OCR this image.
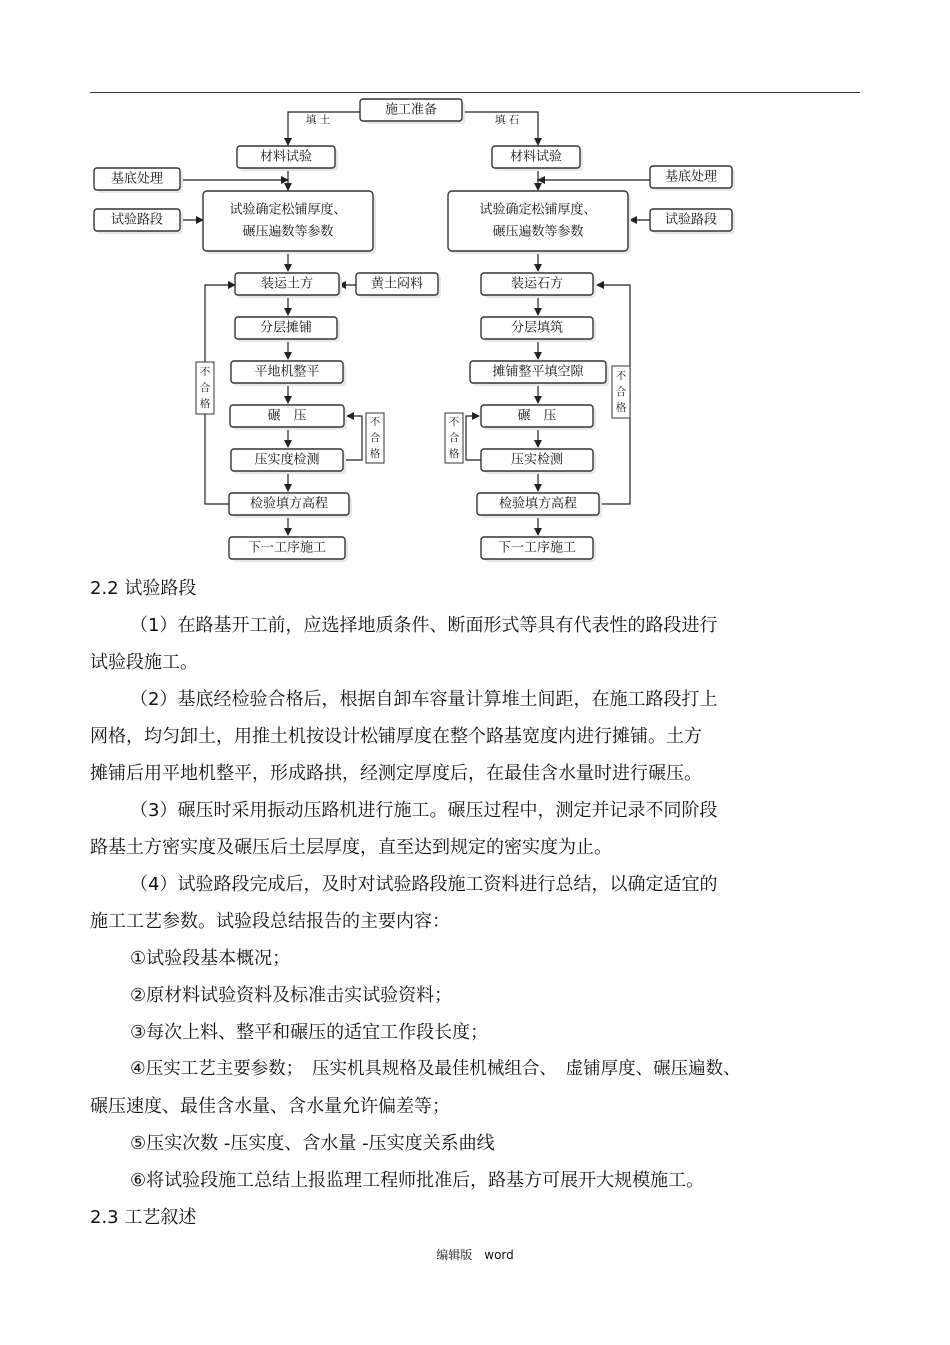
施工准备
填 土	填 石
材料试验
基底处理
试验路段
试验确定松铺厚度、
碾压遍数等参数
装运土方	黄土闷料
分层摊铺
平地机整平
碾　压
压实度检测
检验填方高程
下一工序施工
不
合
格
不
合
格
材料试验
基底处理
试验路段
试验确定松铺厚度、
碾压遍数等参数
装运石方
分层填筑
摊铺整平填空隙
碾　压
压实检测
检验填方高程
下一工序施工
不
合
格
不
合
格

2.2 试验路段

（1）在路基开工前，应选择地质条件、断面形式等具有代表性的路段进行

试验段施工。

（2）基底经检验合格后，根据自卸车容量计算堆土间距，在施工路段打上

网格，均匀卸土，用推土机按设计松铺厚度在整个路基宽度内进行摊铺。土方

摊铺后用平地机整平，形成路拱，经测定厚度后，在最佳含水量时进行碾压。

（3）碾压时采用振动压路机进行施工。碾压过程中，测定并记录不同阶段

路基土方密实度及碾压后土层厚度，直至达到规定的密实度为止。

（4）试验路段完成后，及时对试验路段施工资料进行总结，以确定适宜的

施工工艺参数。试验段总结报告的主要内容：

①试验段基本概况；

②原材料试验资料及标准击实试验资料；

③每次上料、整平和碾压的适宜工作段长度；

④压实工艺主要参数；　压实机具规格及最佳机械组合、　虚铺厚度、碾压遍数、

碾压速度、最佳含水量、含水量允许偏差等；

⑤压实次数 -压实度、含水量 -压实度关系曲线

⑥将试验段施工总结上报监理工程师批准后，路基方可展开大规模施工。

2.3 工艺叙述

编辑版　word
